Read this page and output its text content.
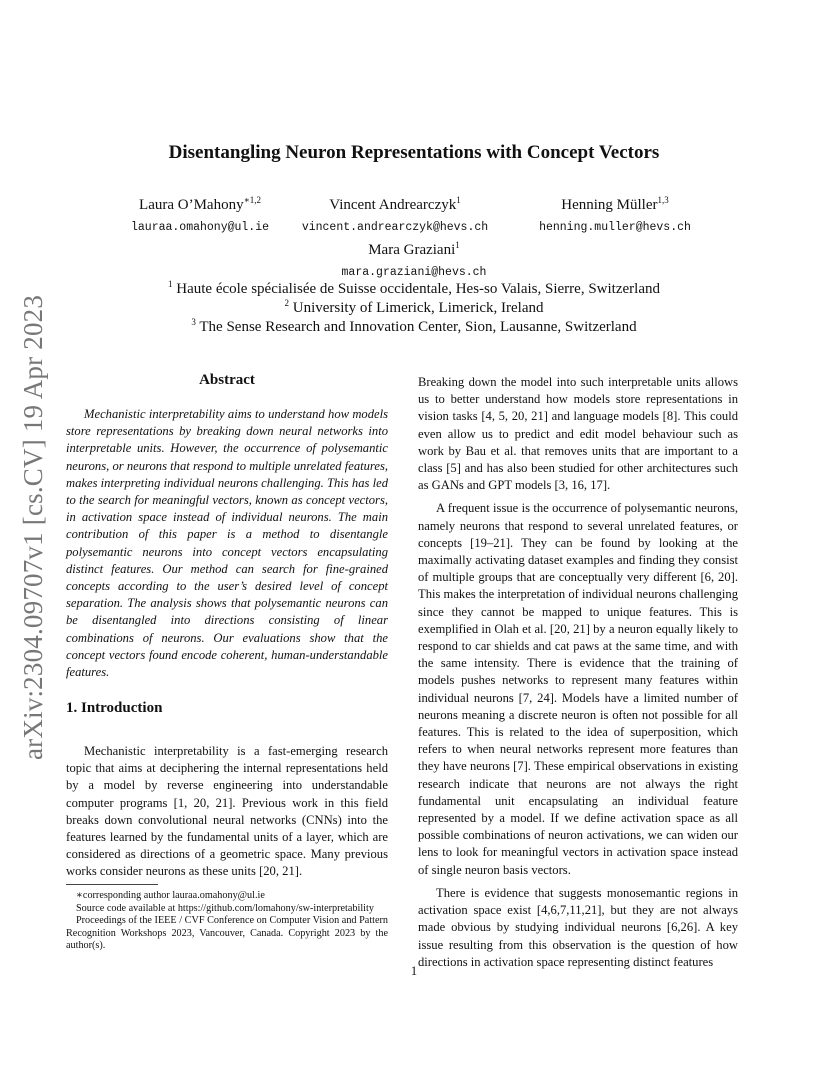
arXiv:2304.09707v1 [cs.CV] 19 Apr 2023
Disentangling Neuron Representations with Concept Vectors
Laura O’Mahony$^{∗1,2}$
lauraa.omahony@ul.ie
Vincent Andrearczyk$^1$
vincent.andrearczyk@hevs.ch
Henning Müller$^{1,3}$
henning.muller@hevs.ch
Mara Graziani$^1$
mara.graziani@hevs.ch
$^1$ Haute école spécialisée de Suisse occidentale, Hes-so Valais, Sierre, Switzerland
$^2$ University of Limerick, Limerick, Ireland
$^3$ The Sense Research and Innovation Center, Sion, Lausanne, Switzerland
Abstract

Mechanistic interpretability aims to understand how models store representations by breaking down neural networks into interpretable units. However, the occurrence of polysemantic neurons, or neurons that respond to multiple unrelated features, makes interpreting individual neurons challenging. This has led to the search for meaningful vectors, known as concept vectors, in activation space instead of individual neurons. The main contribution of this paper is a method to disentangle polysemantic neurons into concept vectors encapsulating distinct features. Our method can search for fine-grained concepts according to the user’s desired level of concept separation. The analysis shows that polysemantic neurons can be disentangled into directions consisting of linear combinations of neurons. Our evaluations show that the concept vectors found encode coherent, human-understandable features.

1. Introduction

Mechanistic interpretability is a fast-emerging research topic that aims at deciphering the internal representations held by a model by reverse engineering into understandable computer programs [1, 20, 21]. Previous work in this field breaks down convolutional neural networks (CNNs) into the features learned by the fundamental units of a layer, which are considered as directions of a geometric space. Many previous works consider neurons as these units [20, 21].

∗corresponding author lauraa.omahony@ul.ie

Source code available at https://github.com/lomahony/sw-interpretability

Proceedings of the IEEE / CVF Conference on Computer Vision and Pattern Recognition Workshops 2023, Vancouver, Canada. Copyright 2023 by the author(s).

Breaking down the model into such interpretable units allows us to better understand how models store representations in vision tasks [4, 5, 20, 21] and language models [8]. This could even allow us to predict and edit model behaviour such as work by Bau et al. that removes units that are important to a class [5] and has also been studied for other architectures such as GANs and GPT models [3, 16, 17].

A frequent issue is the occurrence of polysemantic neurons, namely neurons that respond to several unrelated features, or concepts [19–21]. They can be found by looking at the maximally activating dataset examples and finding they consist of multiple groups that are conceptually very different [6, 20]. This makes the interpretation of individual neurons challenging since they cannot be mapped to unique features. This is exemplified in Olah et al. [20, 21] by a neuron equally likely to respond to car shields and cat paws at the same time, and with the same intensity. There is evidence that the training of models pushes networks to represent many features within individual neurons [7, 24]. Models have a limited number of neurons meaning a discrete neuron is often not possible for all features. This is related to the idea of superposition, which refers to when neural networks represent more features than they have neurons [7]. These empirical observations in existing research indicate that neurons are not always the right fundamental unit encapsulating an individual feature represented by a model. If we define activation space as all possible combinations of neuron activations, we can widen our lens to look for meaningful vectors in activation space instead of single neuron basis vectors.

There is evidence that suggests monosemantic regions in activation space exist [4,6,7,11,21], but they are not always made obvious by studying individual neurons [6,26]. A key issue resulting from this observation is the question of how directions in activation space representing distinct features

1
